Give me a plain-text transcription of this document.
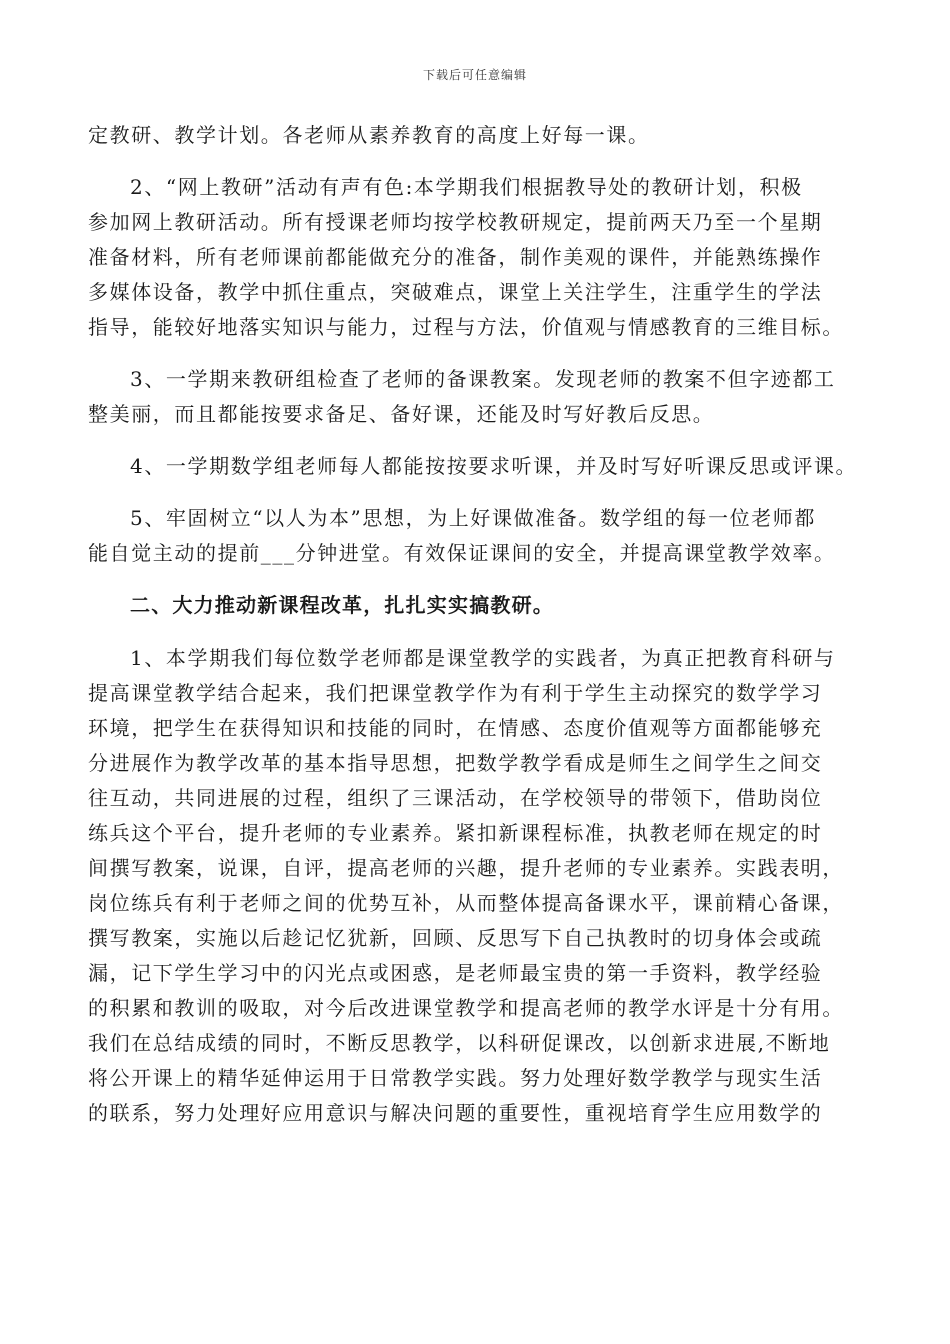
下载后可任意编辑
定教研、教学计划。各老师从素养教育的高度上好每一课。
2、“网上教研”活动有声有色:本学期我们根据教导处的教研计划，积极
参加网上教研活动。所有授课老师均按学校教研规定，提前两天乃至一个星期
准备材料，所有老师课前都能做充分的准备，制作美观的课件，并能熟练操作
多媒体设备，教学中抓住重点，突破难点，课堂上关注学生，注重学生的学法
指导，能较好地落实知识与能力，过程与方法，价值观与情感教育的三维目标。
3、一学期来教研组检查了老师的备课教案。发现老师的教案不但字迹都工
整美丽，而且都能按要求备足、备好课，还能及时写好教后反思。
4、一学期数学组老师每人都能按按要求听课，并及时写好听课反思或评课。
5、牢固树立“以人为本”思想，为上好课做准备。数学组的每一位老师都
能自觉主动的提前___分钟进堂。有效保证课间的安全，并提高课堂教学效率。
二、大力推动新课程改革，扎扎实实搞教研。
1、本学期我们每位数学老师都是课堂教学的实践者，为真正把教育科研与
提高课堂教学结合起来，我们把课堂教学作为有利于学生主动探究的数学学习
环境，把学生在获得知识和技能的同时，在情感、态度价值观等方面都能够充
分进展作为教学改革的基本指导思想，把数学教学看成是师生之间学生之间交
往互动，共同进展的过程，组织了三课活动，在学校领导的带领下，借助岗位
练兵这个平台，提升老师的专业素养。紧扣新课程标准，执教老师在规定的时
间撰写教案，说课，自评，提高老师的兴趣，提升老师的专业素养。实践表明，
岗位练兵有利于老师之间的优势互补，从而整体提高备课水平，课前精心备课，
撰写教案，实施以后趁记忆犹新，回顾、反思写下自己执教时的切身体会或疏
漏，记下学生学习中的闪光点或困惑，是老师最宝贵的第一手资料，教学经验
的积累和教训的吸取，对今后改进课堂教学和提高老师的教学水评是十分有用。
我们在总结成绩的同时，不断反思教学，以科研促课改，以创新求进展,不断地
将公开课上的精华延伸运用于日常教学实践。努力处理好数学教学与现实生活
的联系，努力处理好应用意识与解决问题的重要性，重视培育学生应用数学的
